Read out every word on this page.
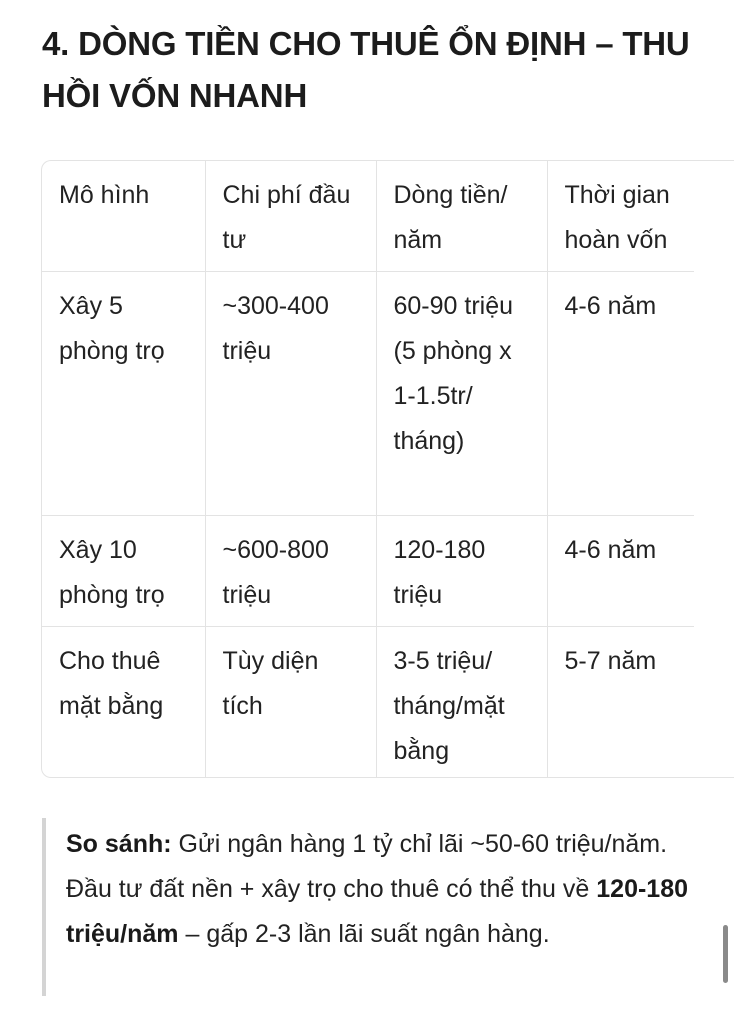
4. DÒNG TIỀN CHO THUÊ ỔN ĐỊNH – THU HỒI VỐN NHANH
Mô hình	Chi phí đầu tư	Dòng tiền/ năm	Thời gian hoàn vốn
Xây 5 phòng trọ	~300-400 triệu	60-90 triệu (5 phòng x 1-1.5tr/ tháng)	4-6 năm
Xây 10 phòng trọ	~600-800 triệu	120-180 triệu	4-6 năm
Cho thuê mặt bằng	Tùy diện tích	3-5 triệu/ tháng/mặt bằng	5-7 năm
So sánh: Gửi ngân hàng 1 tỷ chỉ lãi ~50-60 triệu/năm. Đầu tư đất nền + xây trọ cho thuê có thể thu về 120-180 triệu/năm – gấp 2-3 lần lãi suất ngân hàng.
